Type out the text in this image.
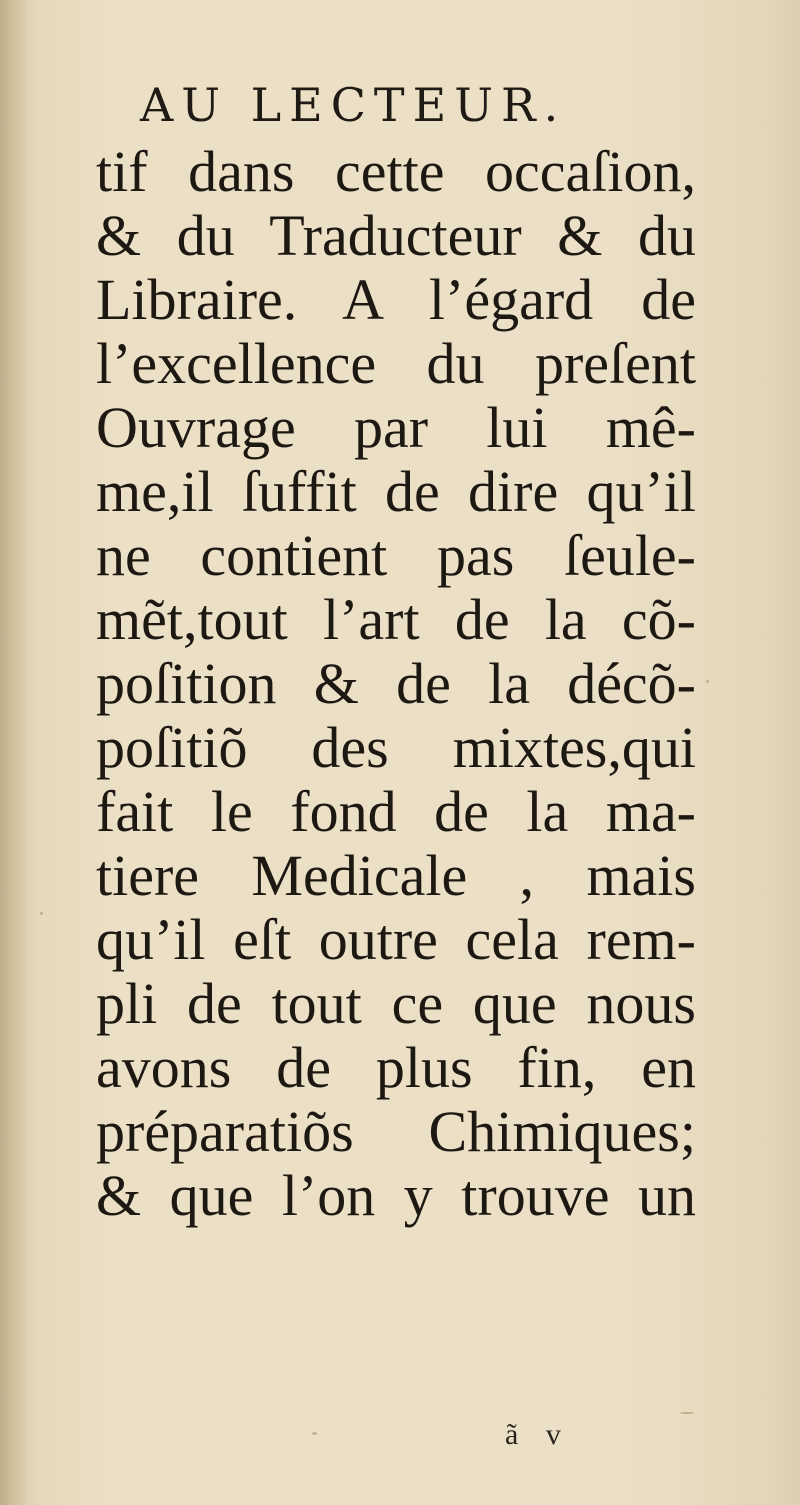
AU LECTEUR.
tif dans cette occaſion,
& du Traducteur & du
Libraire. A l’égard de
l’excellence du preſent
Ouvrage par lui mê-
me,il ſuffit de dire qu’il
ne contient pas ſeule-
mẽt,tout l’art de la cõ-
poſition & de la décõ-
poſitiõ des mixtes,qui
fait le fond de la ma-
tiere Medicale , mais
qu’il eſt outre cela rem-
pli de tout ce que nous
avons de plus fin, en
préparatiõs Chimiques;
& que l’on y trouve un
ã v
